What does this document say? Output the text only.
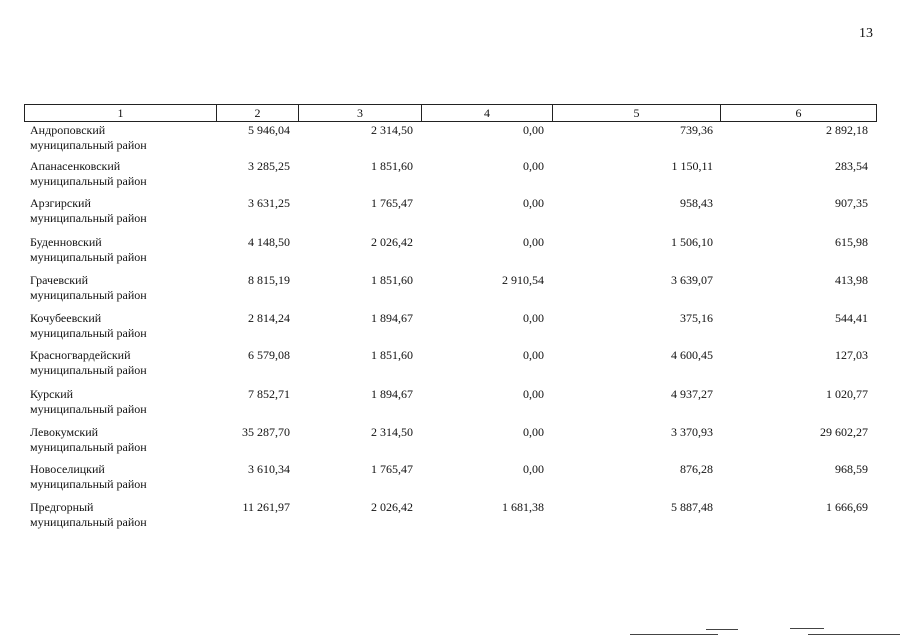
13
1	2	3	4	5	6
Андроповский
муниципальный район
5 946,04	2 314,50	0,00	739,36	2 892,18
Апанасенковский
муниципальный район
3 285,25	1 851,60	0,00	1 150,11	283,54
Арзгирский
муниципальный район
3 631,25	1 765,47	0,00	958,43	907,35
Буденновский
муниципальный район
4 148,50	2 026,42	0,00	1 506,10	615,98
Грачевский
муниципальный район
8 815,19	1 851,60	2 910,54	3 639,07	413,98
Кочубеевский
муниципальный район
2 814,24	1 894,67	0,00	375,16	544,41
Красногвардейский
муниципальный район
6 579,08	1 851,60	0,00	4 600,45	127,03
Курский
муниципальный район
7 852,71	1 894,67	0,00	4 937,27	1 020,77
Левокумский
муниципальный район
35 287,70	2 314,50	0,00	3 370,93	29 602,27
Новоселицкий
муниципальный район
3 610,34	1 765,47	0,00	876,28	968,59
Предгорный
муниципальный район
11 261,97	2 026,42	1 681,38	5 887,48	1 666,69
